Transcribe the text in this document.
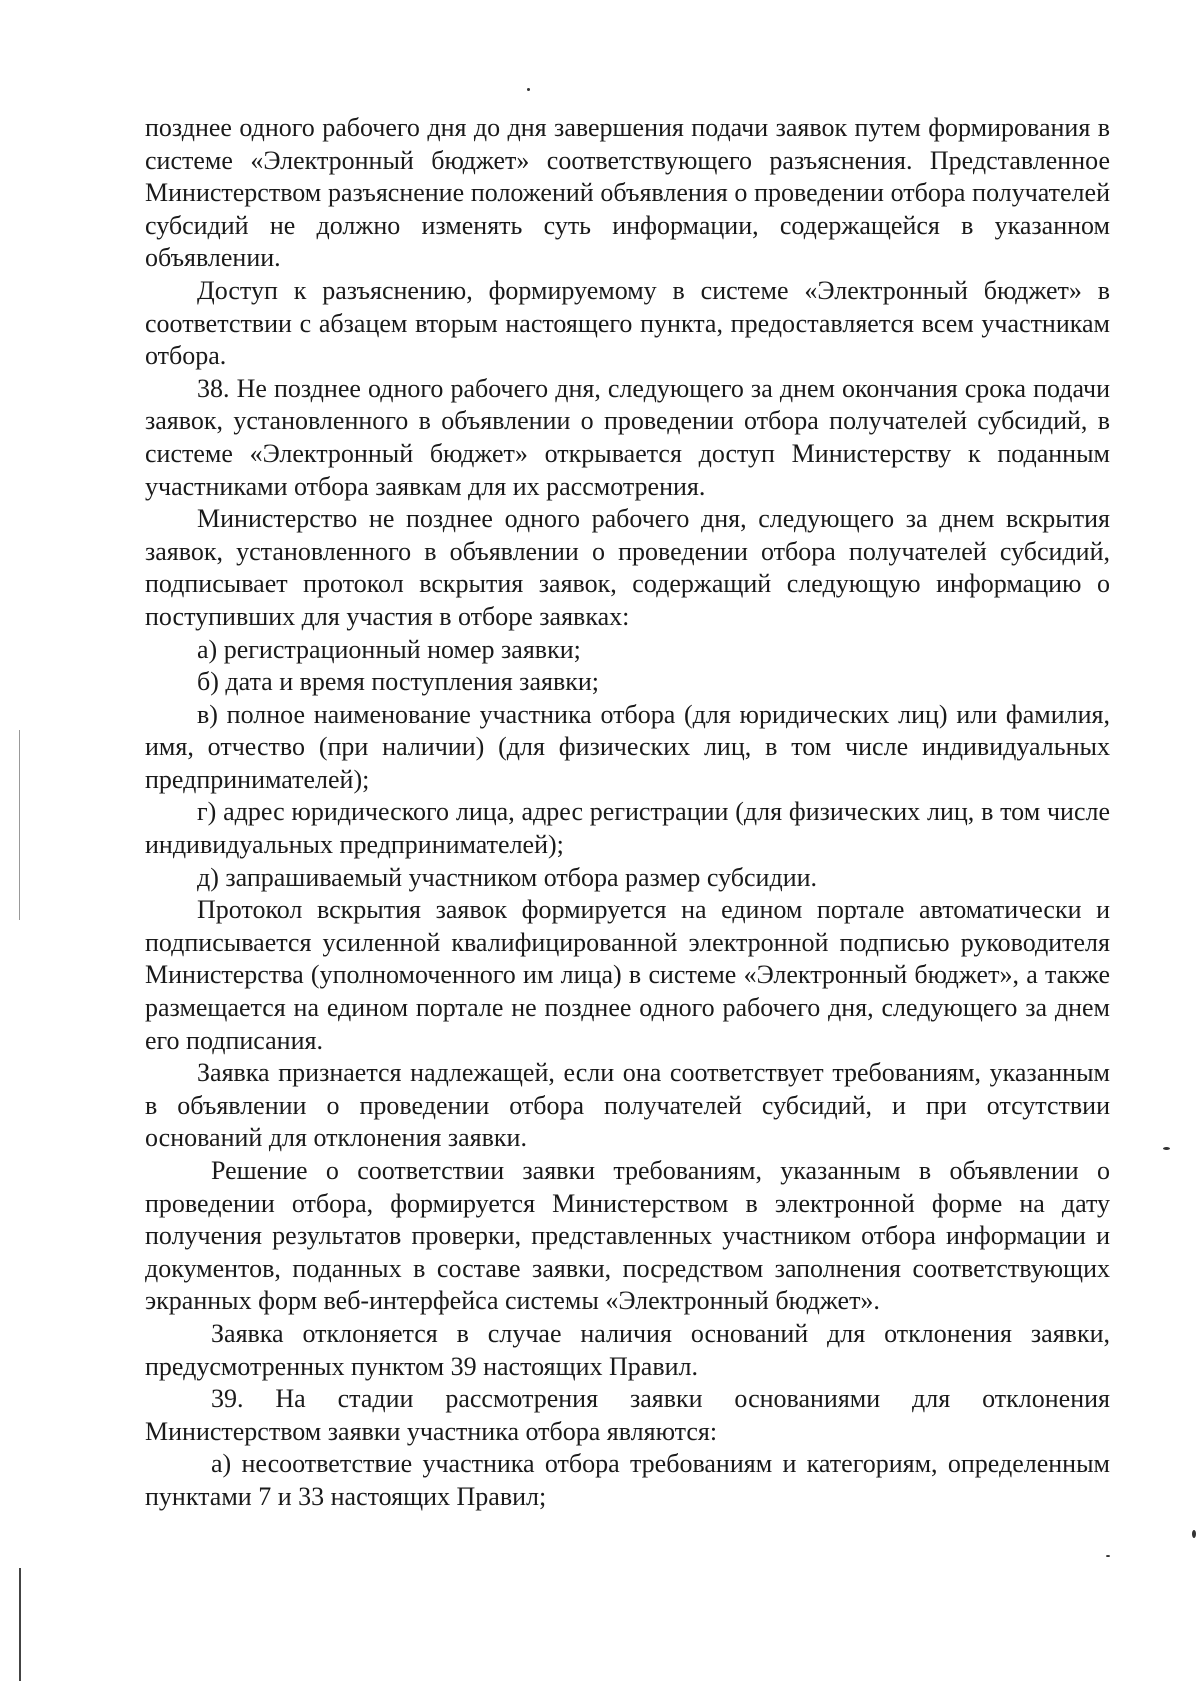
позднее одного рабочего дня до дня завершения подачи заявок путем формирования в системе «Электронный бюджет» соответствующего разъяснения. Представленное Министерством разъяснение положений объявления о проведении отбора получателей субсидий не должно изменять суть информации, содержащейся в указанном объявлении.

Доступ к разъяснению, формируемому в системе «Электронный бюджет» в соответствии с абзацем вторым настоящего пункта, предоставляется всем участникам отбора.

38. Не позднее одного рабочего дня, следующего за днем окончания срока подачи заявок, установленного в объявлении о проведении отбора получателей субсидий, в системе «Электронный бюджет» открывается доступ Министерству к поданным участниками отбора заявкам для их рассмотрения.

Министерство не позднее одного рабочего дня, следующего за днем вскрытия заявок, установленного в объявлении о проведении отбора получателей субсидий, подписывает протокол вскрытия заявок, содержащий следующую информацию о поступивших для участия в отборе заявках:

а) регистрационный номер заявки;

б) дата и время поступления заявки;

в) полное наименование участника отбора (для юридических лиц) или фамилия, имя, отчество (при наличии) (для физических лиц, в том числе индивидуальных предпринимателей);

г) адрес юридического лица, адрес регистрации (для физических лиц, в том числе индивидуальных предпринимателей);

д) запрашиваемый участником отбора размер субсидии.

Протокол вскрытия заявок формируется на едином портале автоматически и подписывается усиленной квалифицированной электронной подписью руководителя Министерства (уполномоченного им лица) в системе «Электронный бюджет», а также размещается на едином портале не позднее одного рабочего дня, следующего за днем его подписания.

Заявка признается надлежащей, если она соответствует требованиям, указанным в объявлении о проведении отбора получателей субсидий, и при отсутствии оснований для отклонения заявки.

Решение о соответствии заявки требованиям, указанным в объявлении о проведении отбора, формируется Министерством в электронной форме на дату получения результатов проверки, представленных участником отбора информации и документов, поданных в составе заявки, посредством заполнения соответствующих экранных форм веб-интерфейса системы «Электронный бюджет».

Заявка отклоняется в случае наличия оснований для отклонения заявки, предусмотренных пунктом 39 настоящих Правил.

39. На стадии рассмотрения заявки основаниями для отклонения Министерством заявки участника отбора являются:

а) несоответствие участника отбора требованиям и категориям, определенным пунктами 7 и 33 настоящих Правил;
